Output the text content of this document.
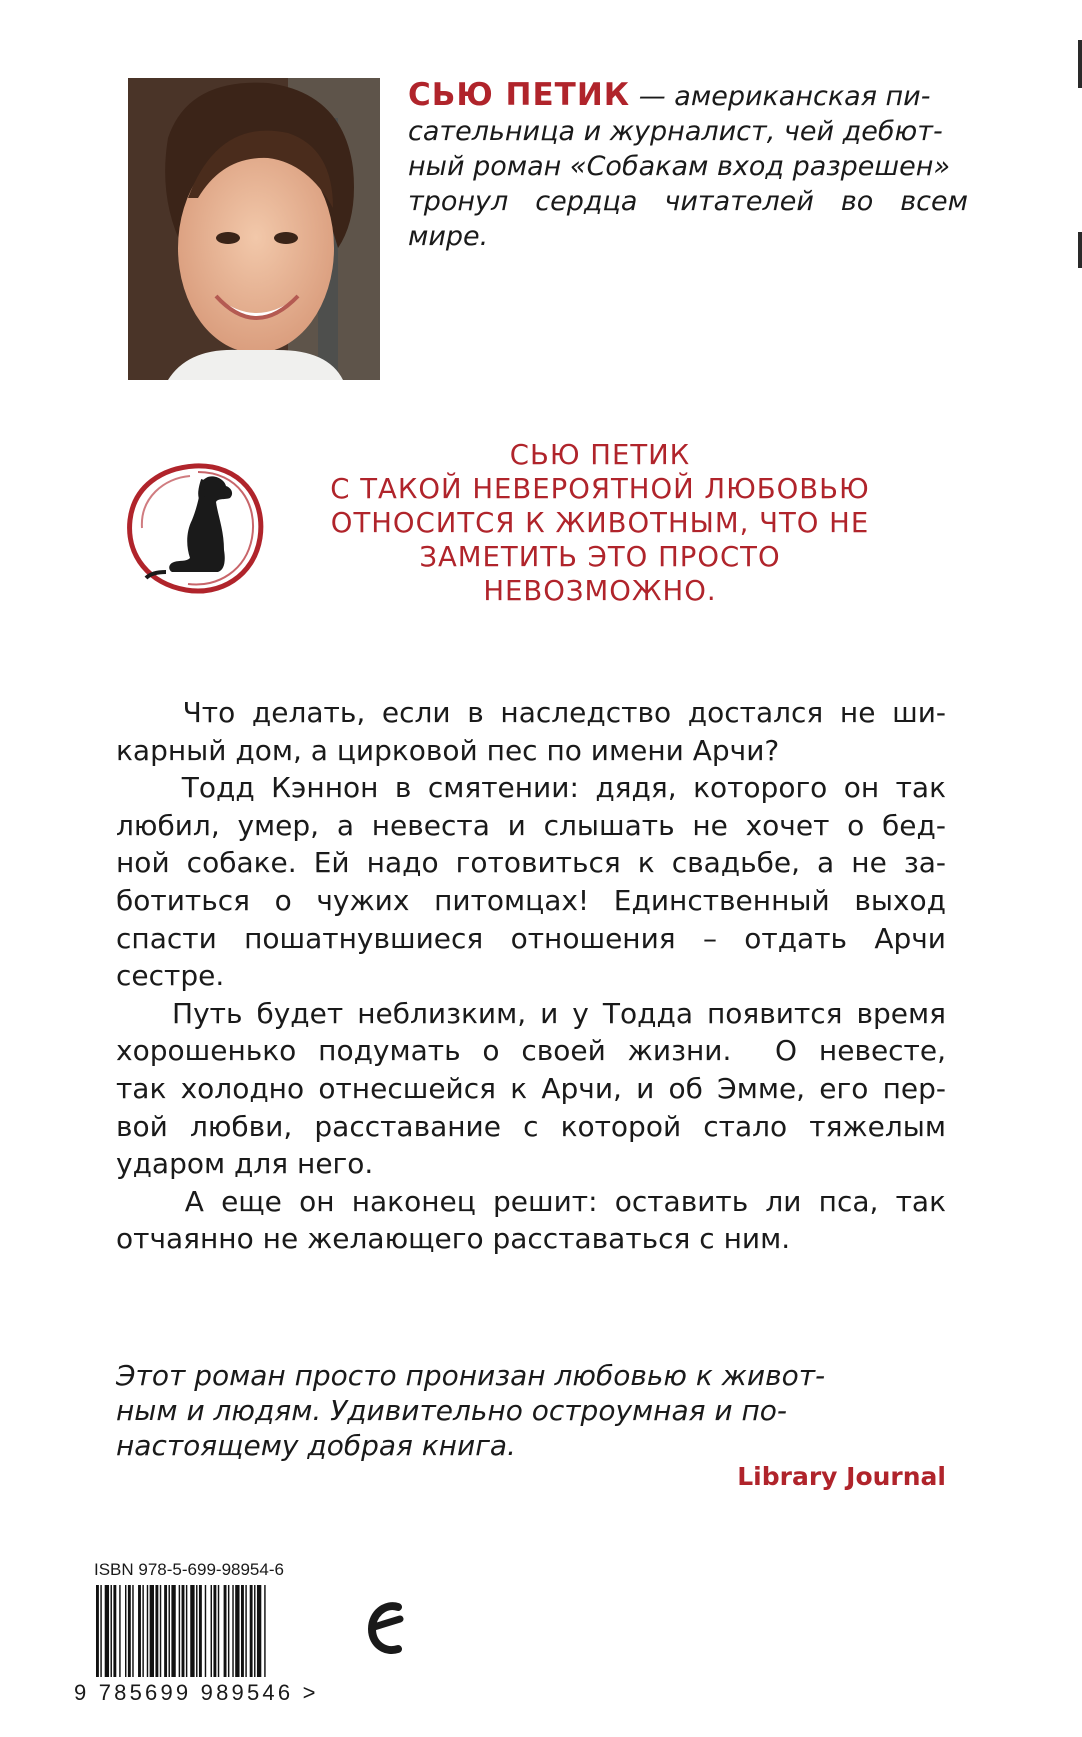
СЬЮ ПЕТИК — американская пи-
сательница и журналист, чей дебют-
ный роман «Собакам вход разрешен»
тронул сердца читателей во всем мире.
СЬЮ ПЕТИК
С ТАКОЙ НЕВЕРОЯТНОЙ ЛЮБОВЬЮ
ОТНОСИТСЯ К ЖИВОТНЫМ, ЧТО НЕ
ЗАМЕТИТЬ ЭТО ПРОСТО
НЕВОЗМОЖНО.
Что делать, если в наследство достался не ши-
карный дом, а цирковой пес по имени Арчи?
Тодд Кэннон в смятении: дядя, которого он так
любил, умер, а невеста и слышать не хочет о бед-
ной собаке. Ей надо готовиться к свадьбе, а не за-
ботиться о чужих питомцах! Единственный выход
спасти пошатнувшиеся отношения – отдать Арчи
сестре.
Путь будет неблизким, и у Тодда появится время
хорошенько подумать о своей жизни.  О невесте,
так холодно отнесшейся к Арчи, и об Эмме, его пер-
вой любви, расставание с которой стало тяжелым
ударом для него.
А еще он наконец решит: оставить ли пса, так
отчаянно не желающего расставаться с ним.
Этот роман просто пронизан любовью к живот-
ным и людям. Удивительно остроумная и по-
настоящему добрая книга.
Library Journal
ISBN 978-5-699-98954-6
9 785699 989546 >
